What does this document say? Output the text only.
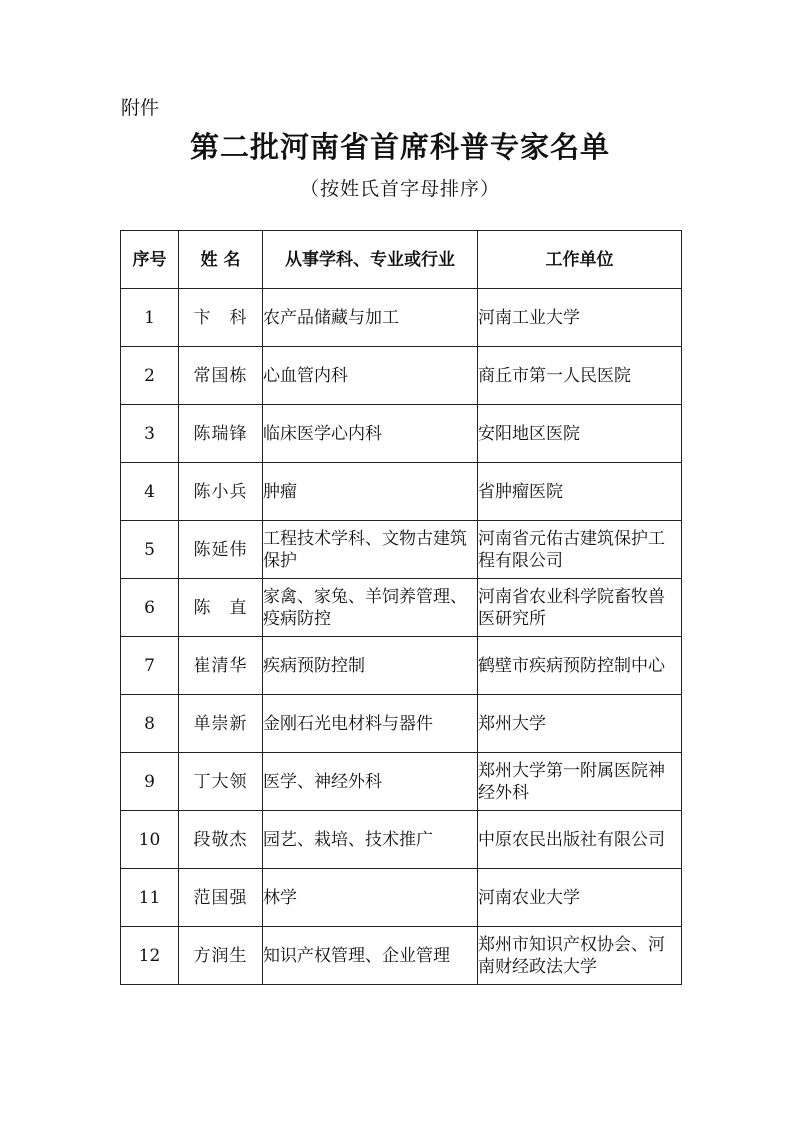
附件
第二批河南省首席科普专家名单
（按姓氏首字母排序）
序号	姓 名	从事学科、专业或行业	工作单位
1	卞　科	农产品储藏与加工	河南工业大学
2	常国栋	心血管内科	商丘市第一人民医院
3	陈瑞锋	临床医学心内科	安阳地区医院
4	陈小兵	肿瘤	省肿瘤医院
5	陈延伟	工程技术学科、文物古建筑保护	河南省元佑古建筑保护工程有限公司
6	陈　直	家禽、家兔、羊饲养管理、疫病防控	河南省农业科学院畜牧兽医研究所
7	崔清华	疾病预防控制	鹤壁市疾病预防控制中心
8	单崇新	金刚石光电材料与器件	郑州大学
9	丁大领	医学、神经外科	郑州大学第一附属医院神经外科
10	段敬杰	园艺、栽培、技术推广	中原农民出版社有限公司
11	范国强	林学	河南农业大学
12	方润生	知识产权管理、企业管理	郑州市知识产权协会、河南财经政法大学
